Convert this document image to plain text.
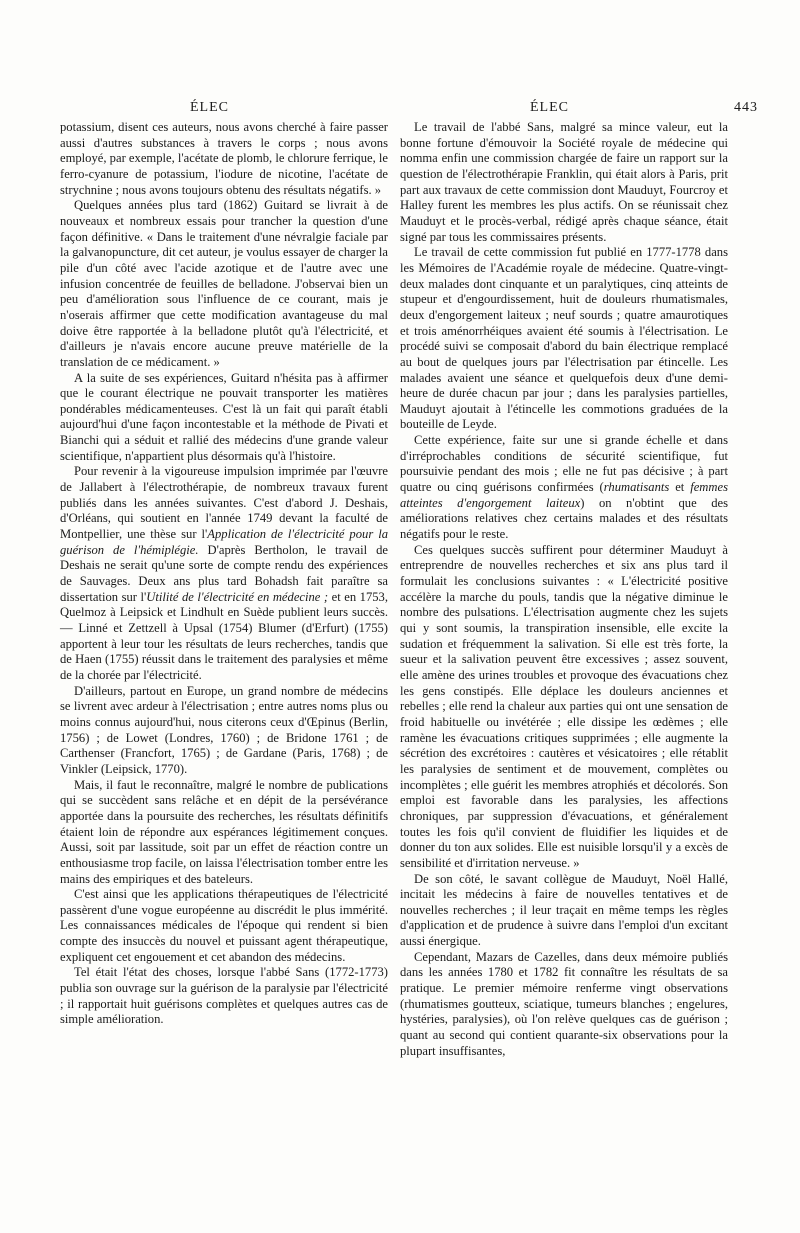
ÉLEC	ÉLEC	443

potassium, disent ces auteurs, nous avons cherché à faire passer aussi d'autres substances à travers le corps ; nous avons employé, par exemple, l'acétate de plomb, le chlorure ferrique, le ferro-cyanure de potassium, l'iodure de nicotine, l'acétate de strychnine ; nous avons toujours obtenu des résultats négatifs. »

Quelques années plus tard (1862) Guitard se livrait à de nouveaux et nombreux essais pour trancher la question d'une façon définitive. « Dans le traitement d'une névralgie faciale par la galvanopuncture, dit cet auteur, je voulus essayer de charger la pile d'un côté avec l'acide azotique et de l'autre avec une infusion concentrée de feuilles de belladone. J'observai bien un peu d'amélioration sous l'influence de ce courant, mais je n'oserais affirmer que cette modification avantageuse du mal doive être rapportée à la belladone plutôt qu'à l'électricité, et d'ailleurs je n'avais encore aucune preuve matérielle de la translation de ce médicament. »

A la suite de ses expériences, Guitard n'hésita pas à affirmer que le courant électrique ne pouvait transporter les matières pondérables médicamenteuses. C'est là un fait qui paraît établi aujourd'hui d'une façon incontestable et la méthode de Pivati et Bianchi qui a séduit et rallié des médecins d'une grande valeur scientifique, n'appartient plus désormais qu'à l'histoire.

Pour revenir à la vigoureuse impulsion imprimée par l'œuvre de Jallabert à l'électrothérapie, de nombreux travaux furent publiés dans les années suivantes. C'est d'abord J. Deshais, d'Orléans, qui soutient en l'année 1749 devant la faculté de Montpellier, une thèse sur l'Application de l'électricité pour la guérison de l'hémiplégie. D'après Bertholon, le travail de Deshais ne serait qu'une sorte de compte rendu des expériences de Sauvages. Deux ans plus tard Bohadsh fait paraître sa dissertation sur l'Utilité de l'électricité en médecine ; et en 1753, Quelmoz à Leipsick et Lindhult en Suède publient leurs succès. — Linné et Zettzell à Upsal (1754) Blumer (d'Erfurt) (1755) apportent à leur tour les résultats de leurs recherches, tandis que de Haen (1755) réussit dans le traitement des paralysies et même de la chorée par l'électricité.

D'ailleurs, partout en Europe, un grand nombre de médecins se livrent avec ardeur à l'électrisation ; entre autres noms plus ou moins connus aujourd'hui, nous citerons ceux d'Œpinus (Berlin, 1756) ; de Lowet (Londres, 1760) ; de Bridone 1761 ; de Carthenser (Francfort, 1765) ; de Gardane (Paris, 1768) ; de Vinkler (Leipsick, 1770).

Mais, il faut le reconnaître, malgré le nombre de publications qui se succèdent sans relâche et en dépit de la persévérance apportée dans la poursuite des recherches, les résultats définitifs étaient loin de répondre aux espérances légitimement conçues. Aussi, soit par lassitude, soit par un effet de réaction contre un enthousiasme trop facile, on laissa l'électrisation tomber entre les mains des empiriques et des bateleurs.

C'est ainsi que les applications thérapeutiques de l'électricité passèrent d'une vogue européenne au discrédit le plus immérité. Les connaissances médicales de l'époque qui rendent si bien compte des insuccès du nouvel et puissant agent thérapeutique, expliquent cet engouement et cet abandon des médecins.

Tel était l'état des choses, lorsque l'abbé Sans (1772-1773) publia son ouvrage sur la guérison de la paralysie par l'électricité ; il rapportait huit guérisons complètes et quelques autres cas de simple amélioration.

Le travail de l'abbé Sans, malgré sa mince valeur, eut la bonne fortune d'émouvoir la Société royale de médecine qui nomma enfin une commission chargée de faire un rapport sur la question de l'électrothérapie Franklin, qui était alors à Paris, prit part aux travaux de cette commission dont Mauduyt, Fourcroy et Halley furent les membres les plus actifs. On se réunissait chez Mauduyt et le procès-verbal, rédigé après chaque séance, était signé par tous les commissaires présents.

Le travail de cette commission fut publié en 1777-1778 dans les Mémoires de l'Académie royale de médecine. Quatre-vingt-deux malades dont cinquante et un paralytiques, cinq atteints de stupeur et d'engourdissement, huit de douleurs rhumatismales, deux d'engorgement laiteux ; neuf sourds ; quatre amaurotiques et trois aménorrhéiques avaient été soumis à l'électrisation. Le procédé suivi se composait d'abord du bain électrique remplacé au bout de quelques jours par l'électrisation par étincelle. Les malades avaient une séance et quelquefois deux d'une demi-heure de durée chacun par jour ; dans les paralysies partielles, Mauduyt ajoutait à l'étincelle les commotions graduées de la bouteille de Leyde.

Cette expérience, faite sur une si grande échelle et dans d'irréprochables conditions de sécurité scientifique, fut poursuivie pendant des mois ; elle ne fut pas décisive ; à part quatre ou cinq guérisons confirmées (rhumatisants et femmes atteintes d'engorgement laiteux) on n'obtint que des améliorations relatives chez certains malades et des résultats négatifs pour le reste.

Ces quelques succès suffirent pour déterminer Mauduyt à entreprendre de nouvelles recherches et six ans plus tard il formulait les conclusions suivantes : « L'électricité positive accélère la marche du pouls, tandis que la négative diminue le nombre des pulsations. L'électrisation augmente chez les sujets qui y sont soumis, la transpiration insensible, elle excite la sudation et fréquemment la salivation. Si elle est très forte, la sueur et la salivation peuvent être excessives ; assez souvent, elle amène des urines troubles et provoque des évacuations chez les gens constipés. Elle déplace les douleurs anciennes et rebelles ; elle rend la chaleur aux parties qui ont une sensation de froid habituelle ou invétérée ; elle dissipe les œdèmes ; elle ramène les évacuations critiques supprimées ; elle augmente la sécrétion des excrétoires : cautères et vésicatoires ; elle rétablit les paralysies de sentiment et de mouvement, complètes ou incomplètes ; elle guérit les membres atrophiés et décolorés. Son emploi est favorable dans les paralysies, les affections chroniques, par suppression d'évacuations, et généralement toutes les fois qu'il convient de fluidifier les liquides et de donner du ton aux solides. Elle est nuisible lorsqu'il y a excès de sensibilité et d'irritation nerveuse. »

De son côté, le savant collègue de Mauduyt, Noël Hallé, incitait les médecins à faire de nouvelles tentatives et de nouvelles recherches ; il leur traçait en même temps les règles d'application et de prudence à suivre dans l'emploi d'un excitant aussi énergique.

Cependant, Mazars de Cazelles, dans deux mémoire publiés dans les années 1780 et 1782 fit connaître les résultats de sa pratique. Le premier mémoire renferme vingt observations (rhumatismes goutteux, sciatique, tumeurs blanches ; engelures, hystéries, paralysies), où l'on relève quelques cas de guérison ; quant au second qui contient quarante-six observations pour la plupart insuffisantes,
